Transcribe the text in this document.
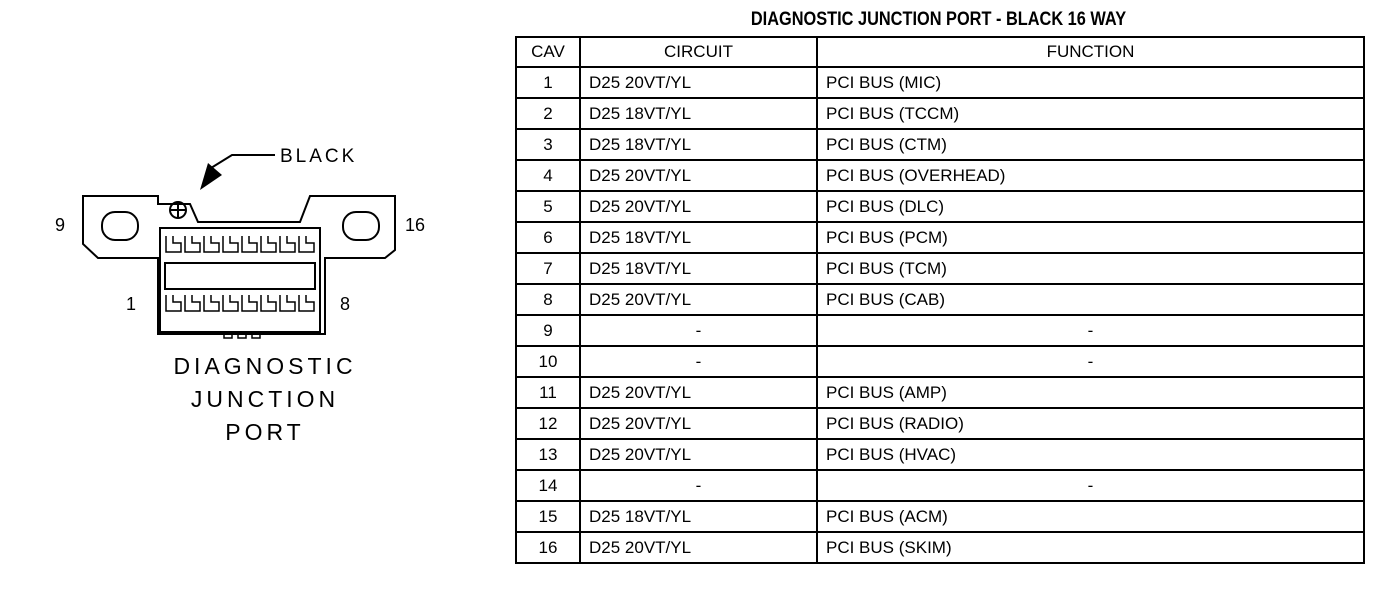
BLACK
9	16
1	8
DIAGNOSTIC
JUNCTION
PORT
DIAGNOSTIC JUNCTION PORT - BLACK 16 WAY
CAV	CIRCUIT	FUNCTION
1	D25 20VT/YL	PCI BUS (MIC)
2	D25 18VT/YL	PCI BUS (TCCM)
3	D25 18VT/YL	PCI BUS (CTM)
4	D25 20VT/YL	PCI BUS (OVERHEAD)
5	D25 20VT/YL	PCI BUS (DLC)
6	D25 18VT/YL	PCI BUS (PCM)
7	D25 18VT/YL	PCI BUS (TCM)
8	D25 20VT/YL	PCI BUS (CAB)
9	-	-
10	-	-
11	D25 20VT/YL	PCI BUS (AMP)
12	D25 20VT/YL	PCI BUS (RADIO)
13	D25 20VT/YL	PCI BUS (HVAC)
14	-	-
15	D25 18VT/YL	PCI BUS (ACM)
16	D25 20VT/YL	PCI BUS (SKIM)
